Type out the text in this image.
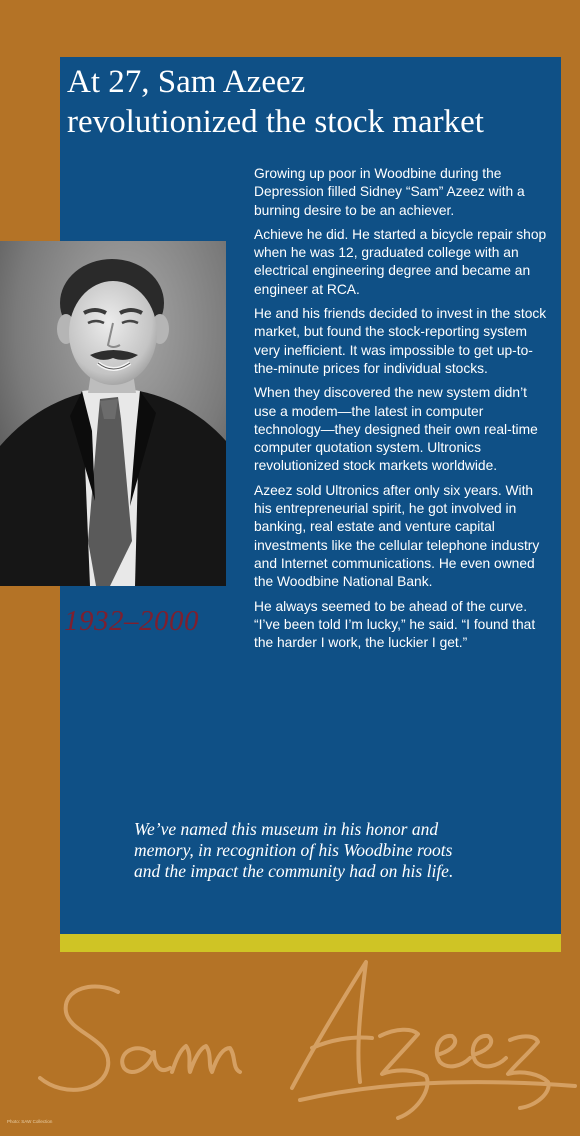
At 27, Sam Azeez
revolutionized the stock market

1932–2000

Growing up poor in Woodbine during the Depression filled Sidney “Sam” Azeez with a burning desire to be an achiever.

Achieve he did. He started a bicycle repair shop when he was 12, graduated college with an electrical engineering degree and became an engineer at RCA.

He and his friends decided to invest in the stock market, but found the stock-reporting system very inefficient. It was impossible to get up-to-the-minute prices for individual stocks.

When they discovered the new system didn’t use a modem—the latest in computer technology—they designed their own real-time computer quotation system. Ultronics revolutionized stock markets worldwide.

Azeez sold Ultronics after only six years. With his entrepreneurial spirit, he got involved in banking, real estate and venture capital investments like the cellular telephone industry and Internet communications. He even owned the Woodbine National Bank.

He always seemed to be ahead of the curve. “I’ve been told I’m lucky,” he said. “I found that the harder I work, the luckier I get.”

We’ve named this museum in his honor and
memory, in recognition of his Woodbine roots
and the impact the community had on his life.

Photo: SAW Collection
